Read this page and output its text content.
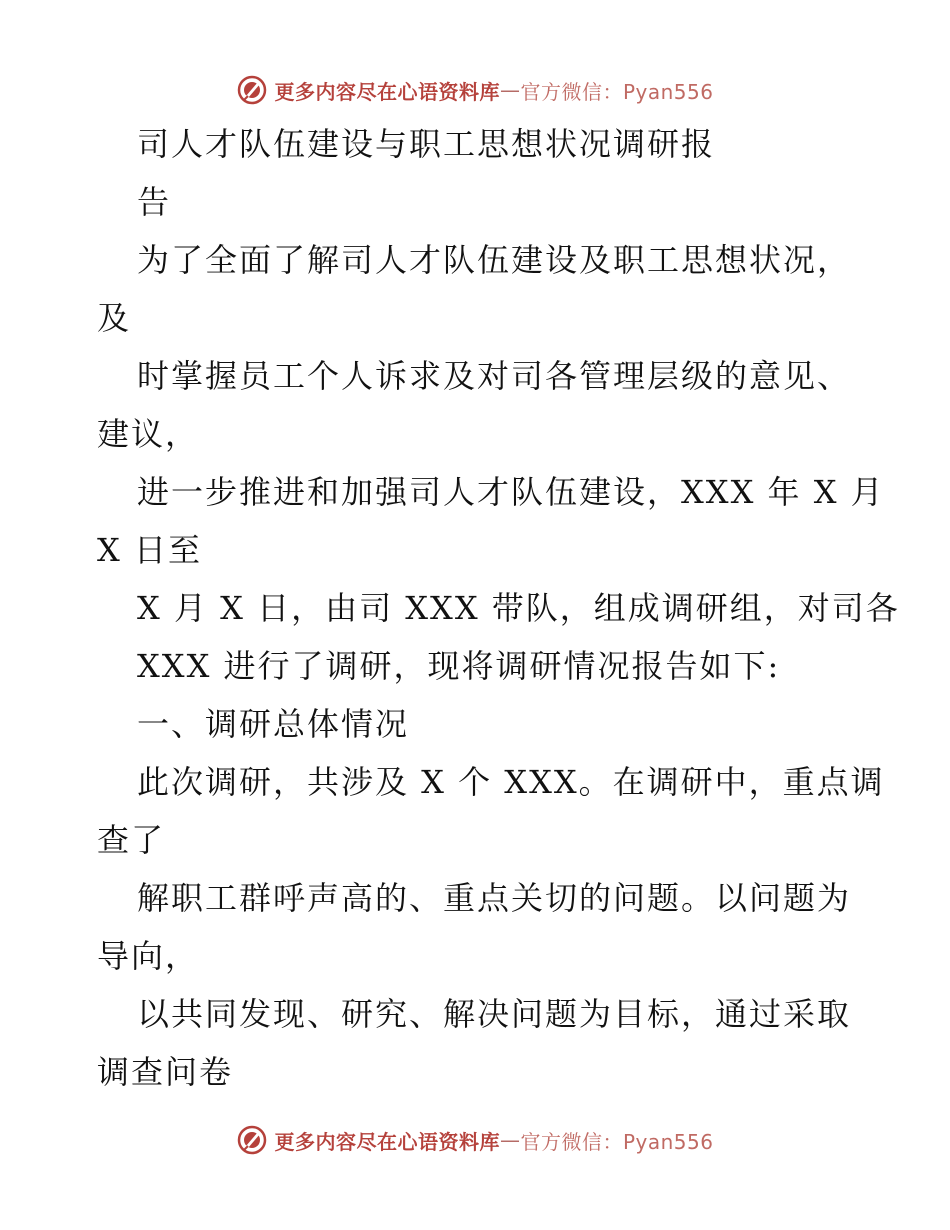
更多内容尽在心语资料库 — 官方微信：Pyan556
司人才队伍建设与职工思想状况调研报
告
为了全面了解司人才队伍建设及职工思想状况，
及
时掌握员工个人诉求及对司各管理层级的意见、
建议，
进一步推进和加强司人才队伍建设，XXX 年 X 月
X 日至
X 月 X 日，由司 XXX 带队，组成调研组，对司各
XXX 进行了调研，现将调研情况报告如下:
一、调研总体情况
此次调研，共涉及 X 个 XXX。在调研中，重点调
查了
解职工群呼声高的、重点关切的问题。以问题为
导向，
以共同发现、研究、解决问题为目标，通过采取
调查问卷
更多内容尽在心语资料库 — 官方微信：Pyan556
